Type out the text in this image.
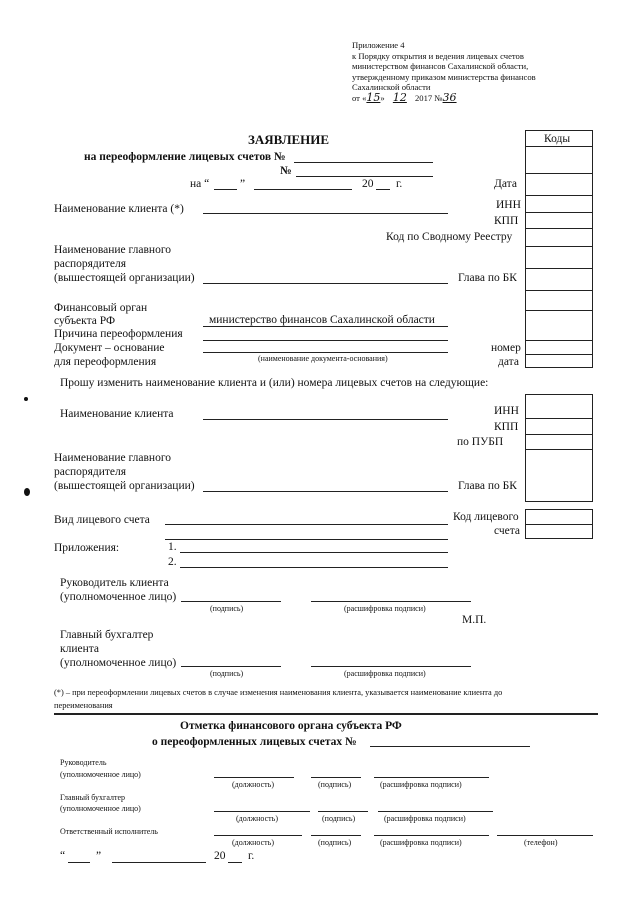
Приложение 4
к Порядку открытия и ведения лицевых счетов
министерством финансов Сахалинской области,
утвержденному приказом министерства финансов
Сахалинской области
от «15» 12 2017 №36
Коды
ЗАЯВЛЕНИЕ
на переоформление лицевых счетов №
№
на “	”	20 г.	Дата
Наименование клиента (*)	ИНН
КПП
Код по Сводному Реестру
Наименование главного
распорядителя
(вышестоящей организации)	Глава по БК
Финансовый орган
субъекта РФ	министерство финансов Сахалинской области
Причина переоформления
Документ – основание
для переоформления	(наименование документа-основания)
номер
дата
Прошу изменить наименование клиента и (или) номера лицевых счетов на следующие:
Наименование клиента	ИНН
КПП
по ПУБП
Наименование главного
распорядителя
(вышестоящей организации)	Глава по БК
Вид лицевого счета	Код лицевого
счета
Приложения:	1.
2.
Руководитель клиента
(уполномоченное лицо)
(подпись)	(расшифровка подписи)
М.П.
Главный бухгалтер
клиента
(уполномоченное лицо)
(подпись)	(расшифровка подписи)
(*) – при переоформлении лицевых счетов в случае изменения наименования клиента, указывается наименование клиента до
переименования
Отметка финансового органа субъекта РФ
о переоформленных лицевых счетах №
Руководитель
(уполномоченное лицо)
(должность)	(подпись)	(расшифровка подписи)
Главный бухгалтер
(уполномоченное лицо)
(должность)	(подпись)	(расшифровка подписи)
Ответственный исполнитель
(должность)	(подпись)	(расшифровка подписи)	(телефон)
“	”	20 г.
